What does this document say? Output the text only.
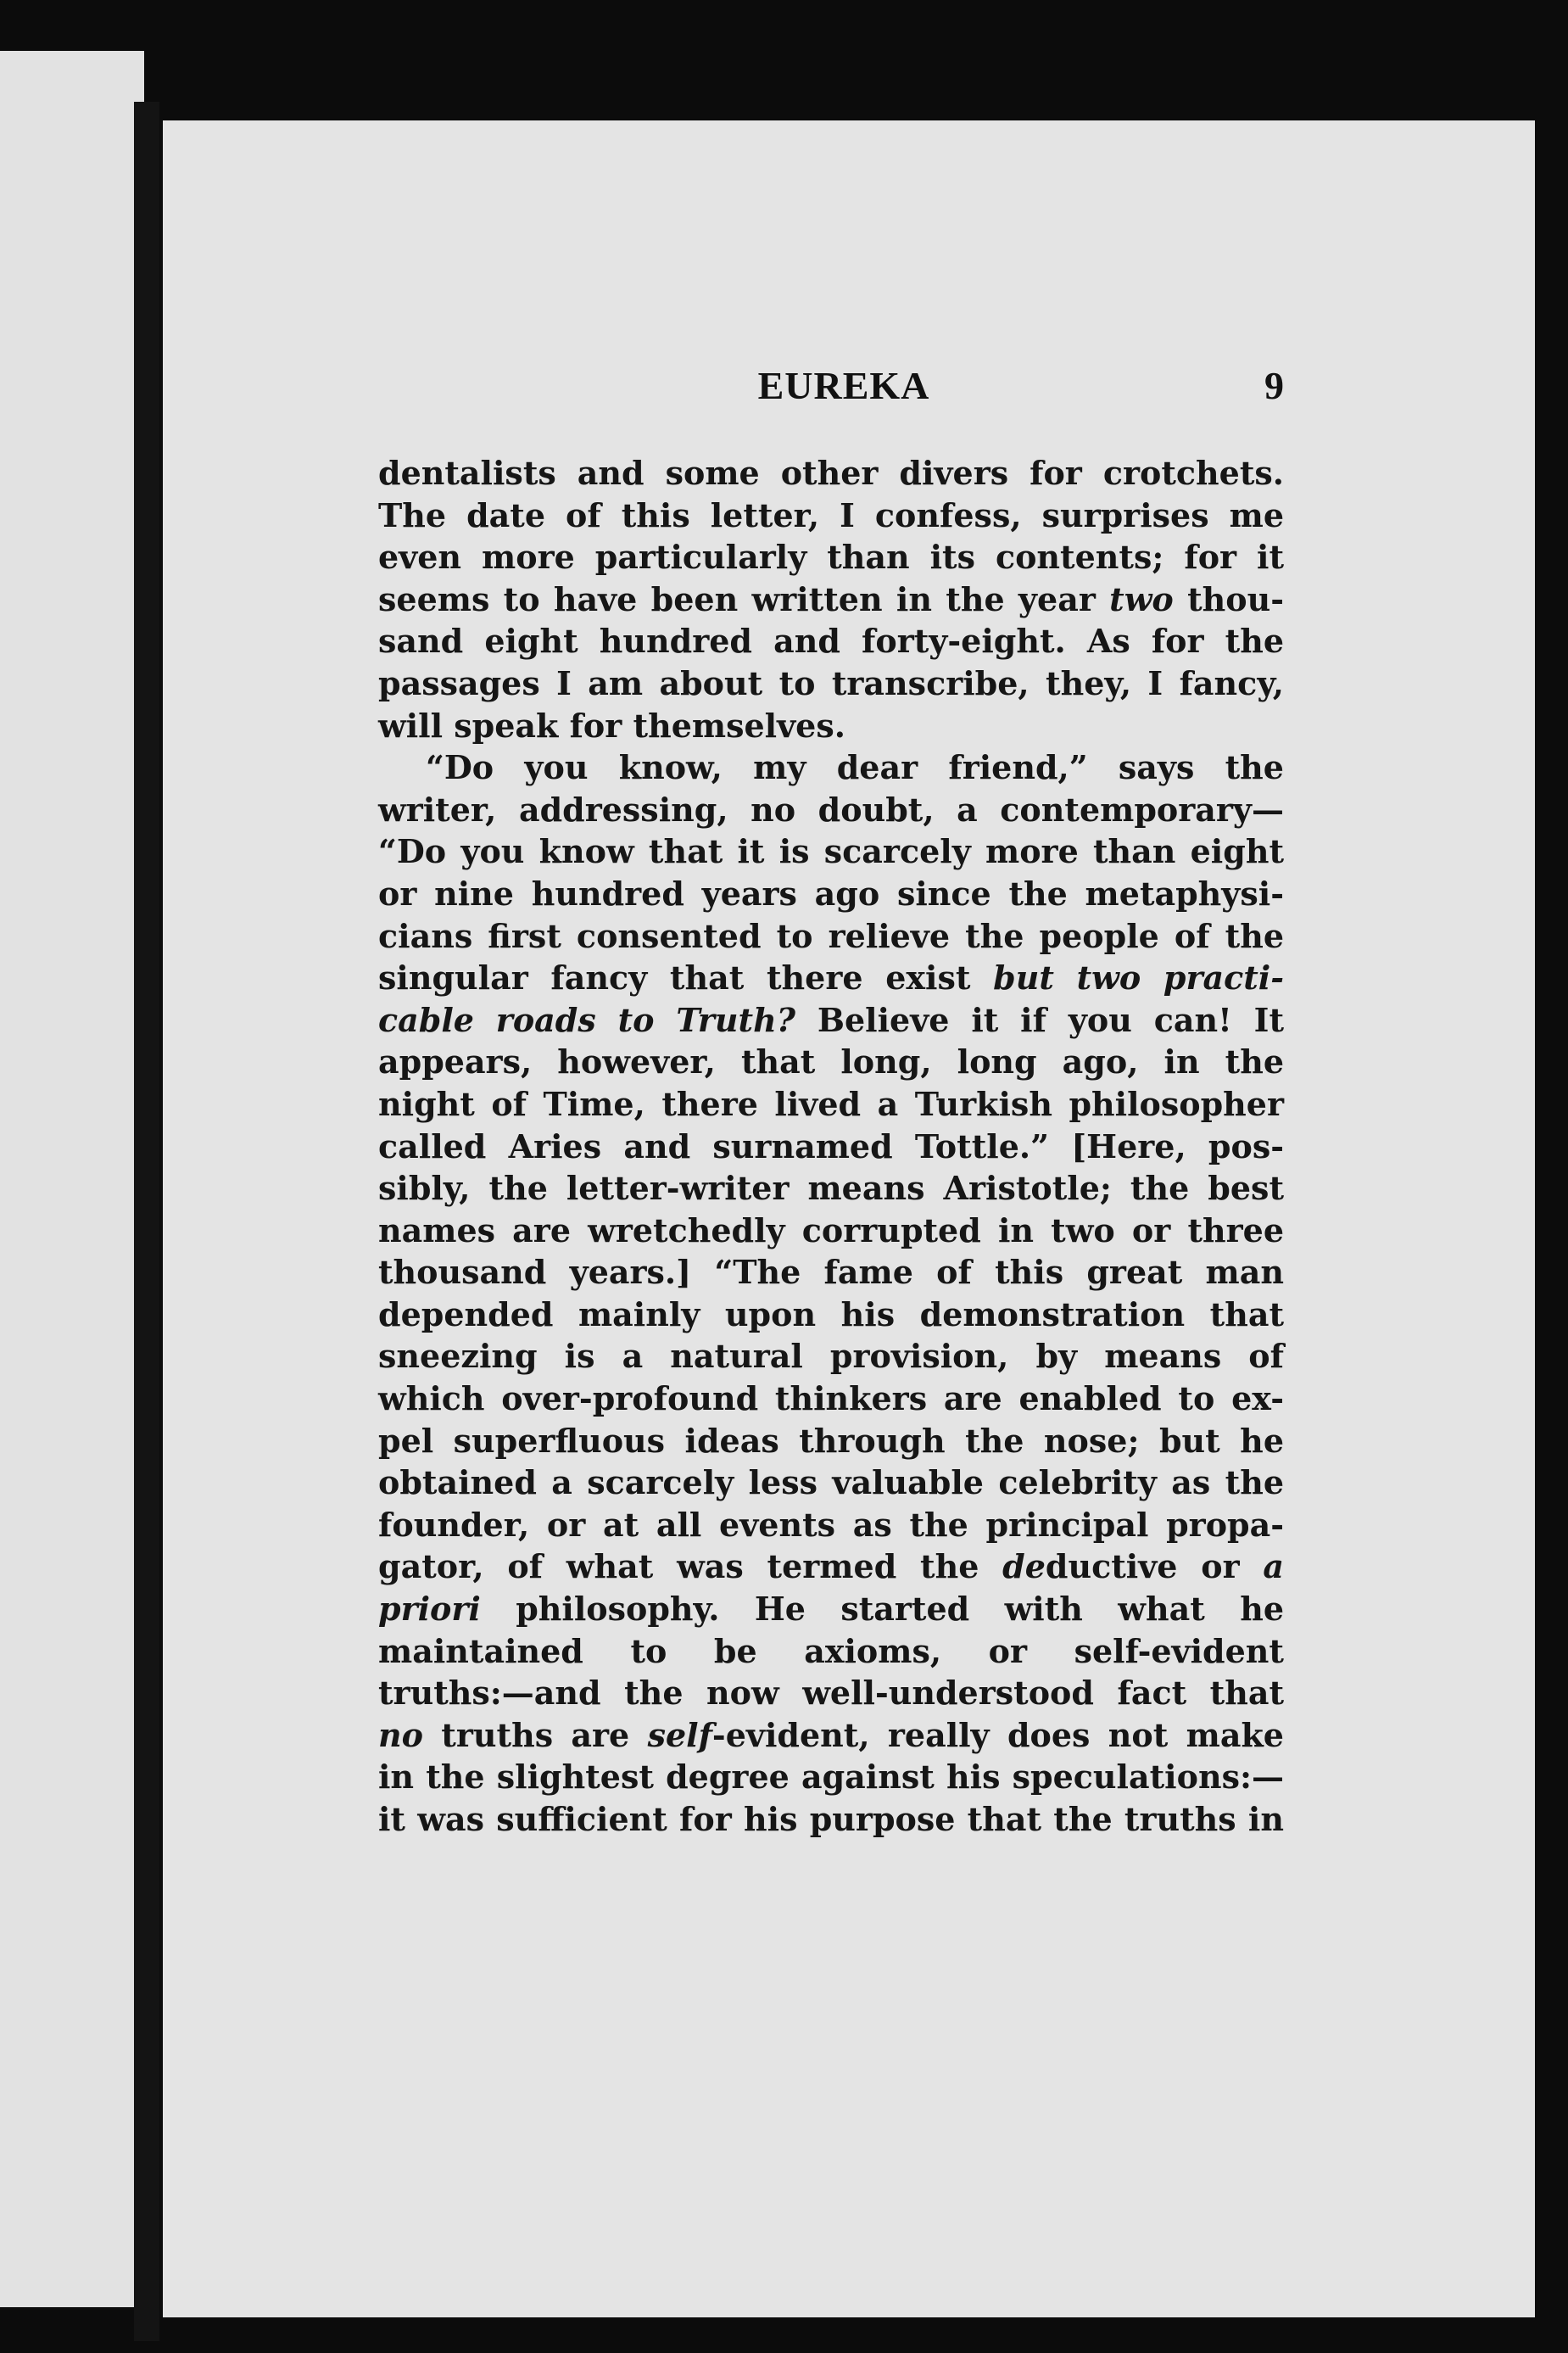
EUREKA	9
dentalists and some other divers for crotchets.
The date of this letter, I confess, surprises me
even more particularly than its contents; for it
seems to have been written in the year two thou-
sand eight hundred and forty-eight. As for the
passages I am about to transcribe, they, I fancy,
will speak for themselves.
“Do you know, my dear friend,” says the
writer, addressing, no doubt, a contemporary—
“Do you know that it is scarcely more than eight
or nine hundred years ago since the metaphysi-
cians first consented to relieve the people of the
singular fancy that there exist but two practi-
cable roads to Truth? Believe it if you can! It
appears, however, that long, long ago, in the
night of Time, there lived a Turkish philosopher
called Aries and surnamed Tottle.” [Here, pos-
sibly, the letter-writer means Aristotle; the best
names are wretchedly corrupted in two or three
thousand years.] “The fame of this great man
depended mainly upon his demonstration that
sneezing is a natural provision, by means of
which over-profound thinkers are enabled to ex-
pel superfluous ideas through the nose; but he
obtained a scarcely less valuable celebrity as the
founder, or at all events as the principal propa-
gator, of what was termed the deductive or a
priori philosophy. He started with what he
maintained to be axioms, or self-evident
truths:—and the now well-understood fact that
no truths are self-evident, really does not make
in the slightest degree against his speculations:—
it was sufficient for his purpose that the truths in
